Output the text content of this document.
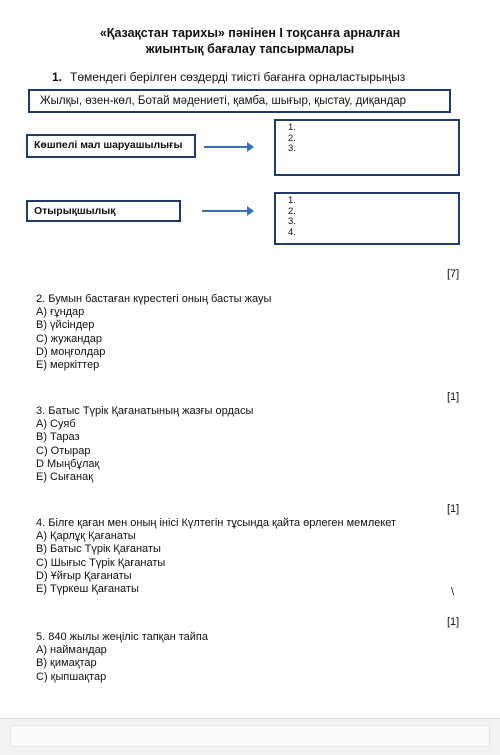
«Қазақстан тарихы» пәнінен І тоқсанға арналған
жиынтық бағалау тапсырмалары
1. Төмендегі берілген сөздерді тиісті бағанға орналастырыңыз
Жылқы, өзен-көл, Ботай мәдениеті, қамба, шығыр, қыстау, диқандар
Көшпелі мал шаруашылығы
1.
2.
3.
Отырықшылық
1.
2.
3.
4.
[7]
2. Бумын бастаған күрестегі оның басты жауы
A) ғұндар
B) үйсіндер
C) жужандар
D) моңғолдар
E) меркіттер
[1]
3. Батыс Түрік Қағанатының жазғы ордасы
A) Суяб
B) Тараз
C) Отырар
D Мыңбұлақ
E) Сығанақ
[1]
4. Білге қаған мен оның інісі Күлтегін тұсында қайта өрлеген мемлекет
A) Қарлұқ Қағанаты
B) Батыс Түрік Қағанаты
C) Шығыс Түрік Қағанаты
D) Ұйғыр Қағанаты
E) Түркеш Қағанаты	\
[1]
5. 840 жылы жеңіліс тапқан тайпа
A) наймандар
B) қимақтар
C) қыпшақтар
